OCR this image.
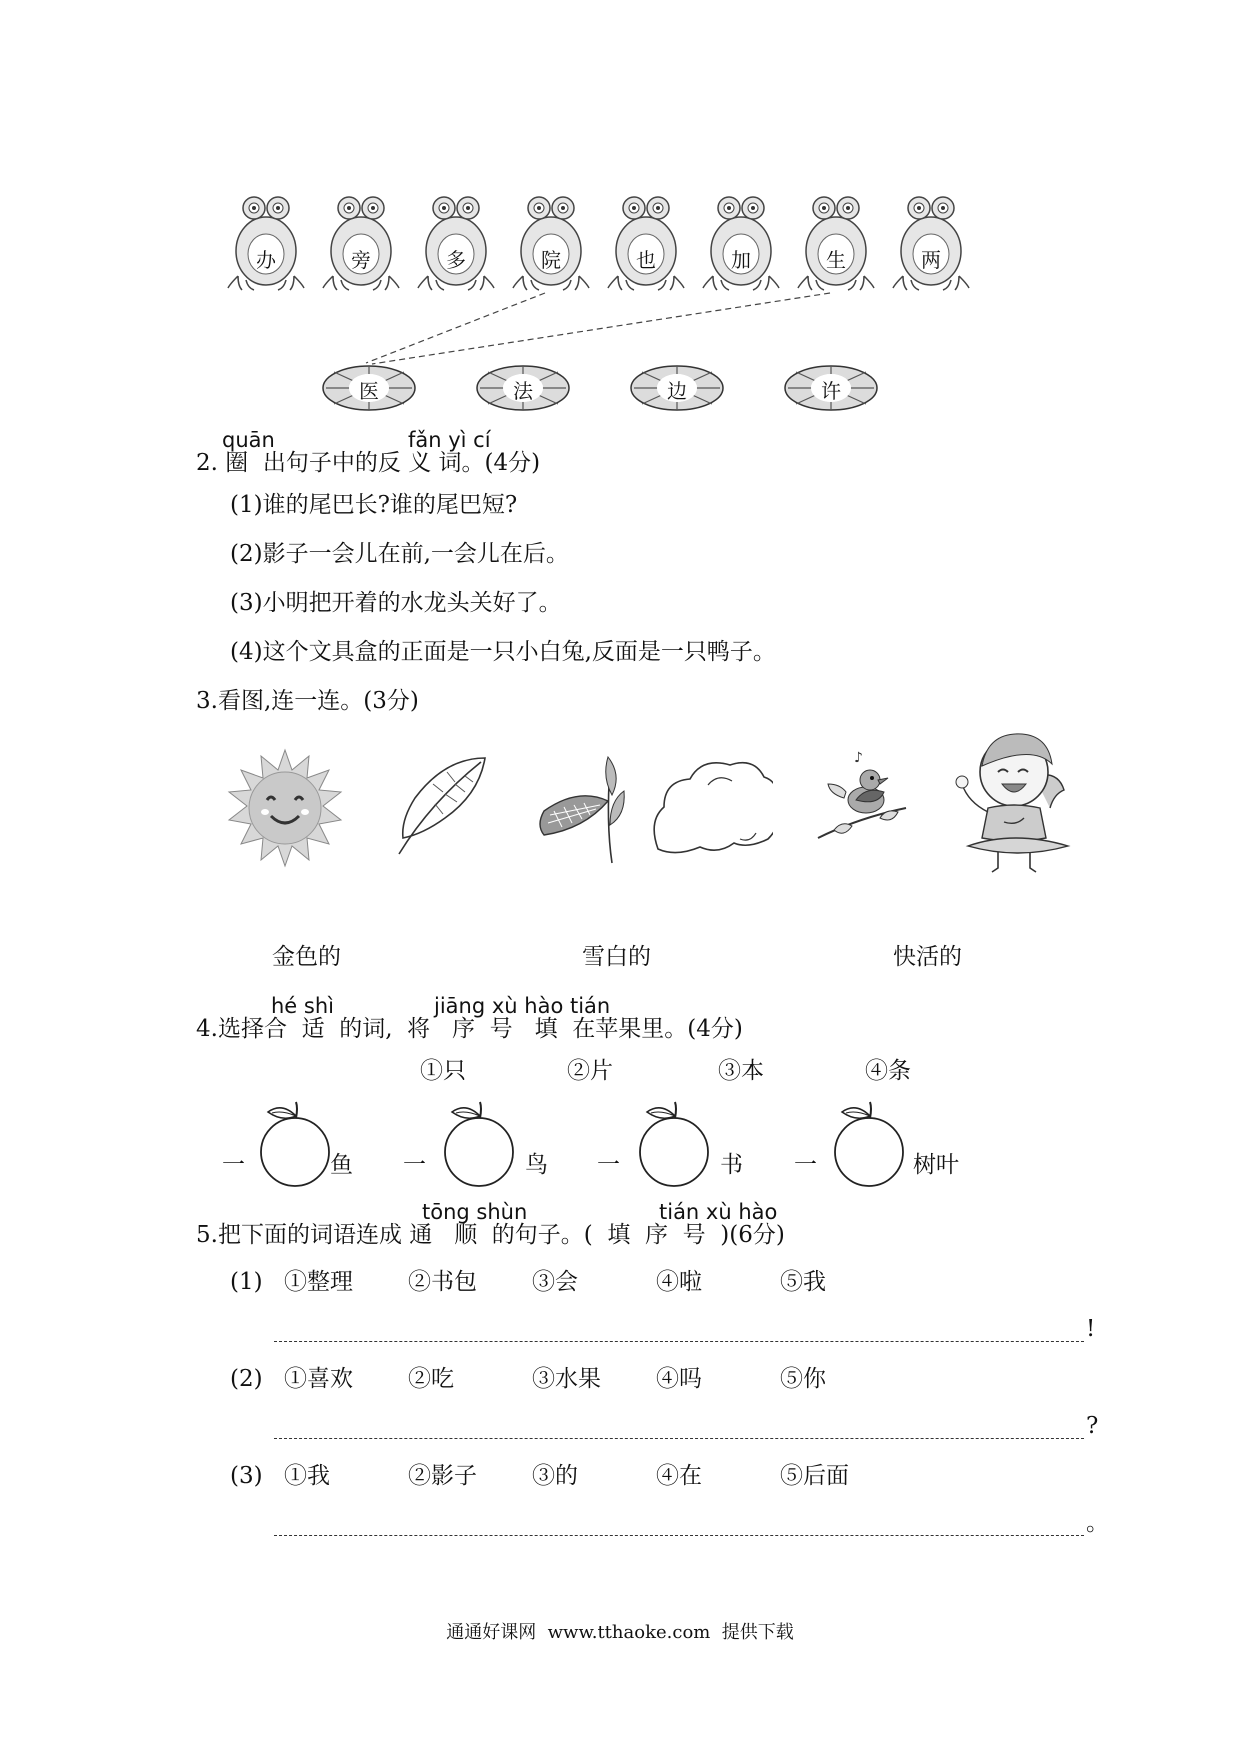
办	旁	多	院	也	加	生	两
医	法	边	许
quān	fǎn yì cí
2. 圈  出句子中的反 义 词。(4分)
(1)谁的尾巴长?谁的尾巴短?
(2)影子一会儿在前,一会儿在后。
(3)小明把开着的水龙头关好了。
(4)这个文具盒的正面是一只小白兔,反面是一只鸭子。
3.看图,连一连。(3分)
♪
金色的	雪白的	快活的
hé shì	jiāng xù hào tián
4.选择合  适  的词,  将   序  号   填  在苹果里。(4分)
①只	②片	③本	④条
一	鱼 一	鸟 一	书 一	树叶
tōng shùn	tián xù hào
5.把下面的词语连成 通   顺  的句子。(  填  序  号  )(6分)
(1) ①整理 ②书包 ③会	④啦	⑤我
!
(2) ①喜欢 ②吃	③水果 ④吗	⑤你
?
(3) ①我	②影子 ③的	④在	⑤后面
。
通通好课网  www.tthaoke.com  提供下载
